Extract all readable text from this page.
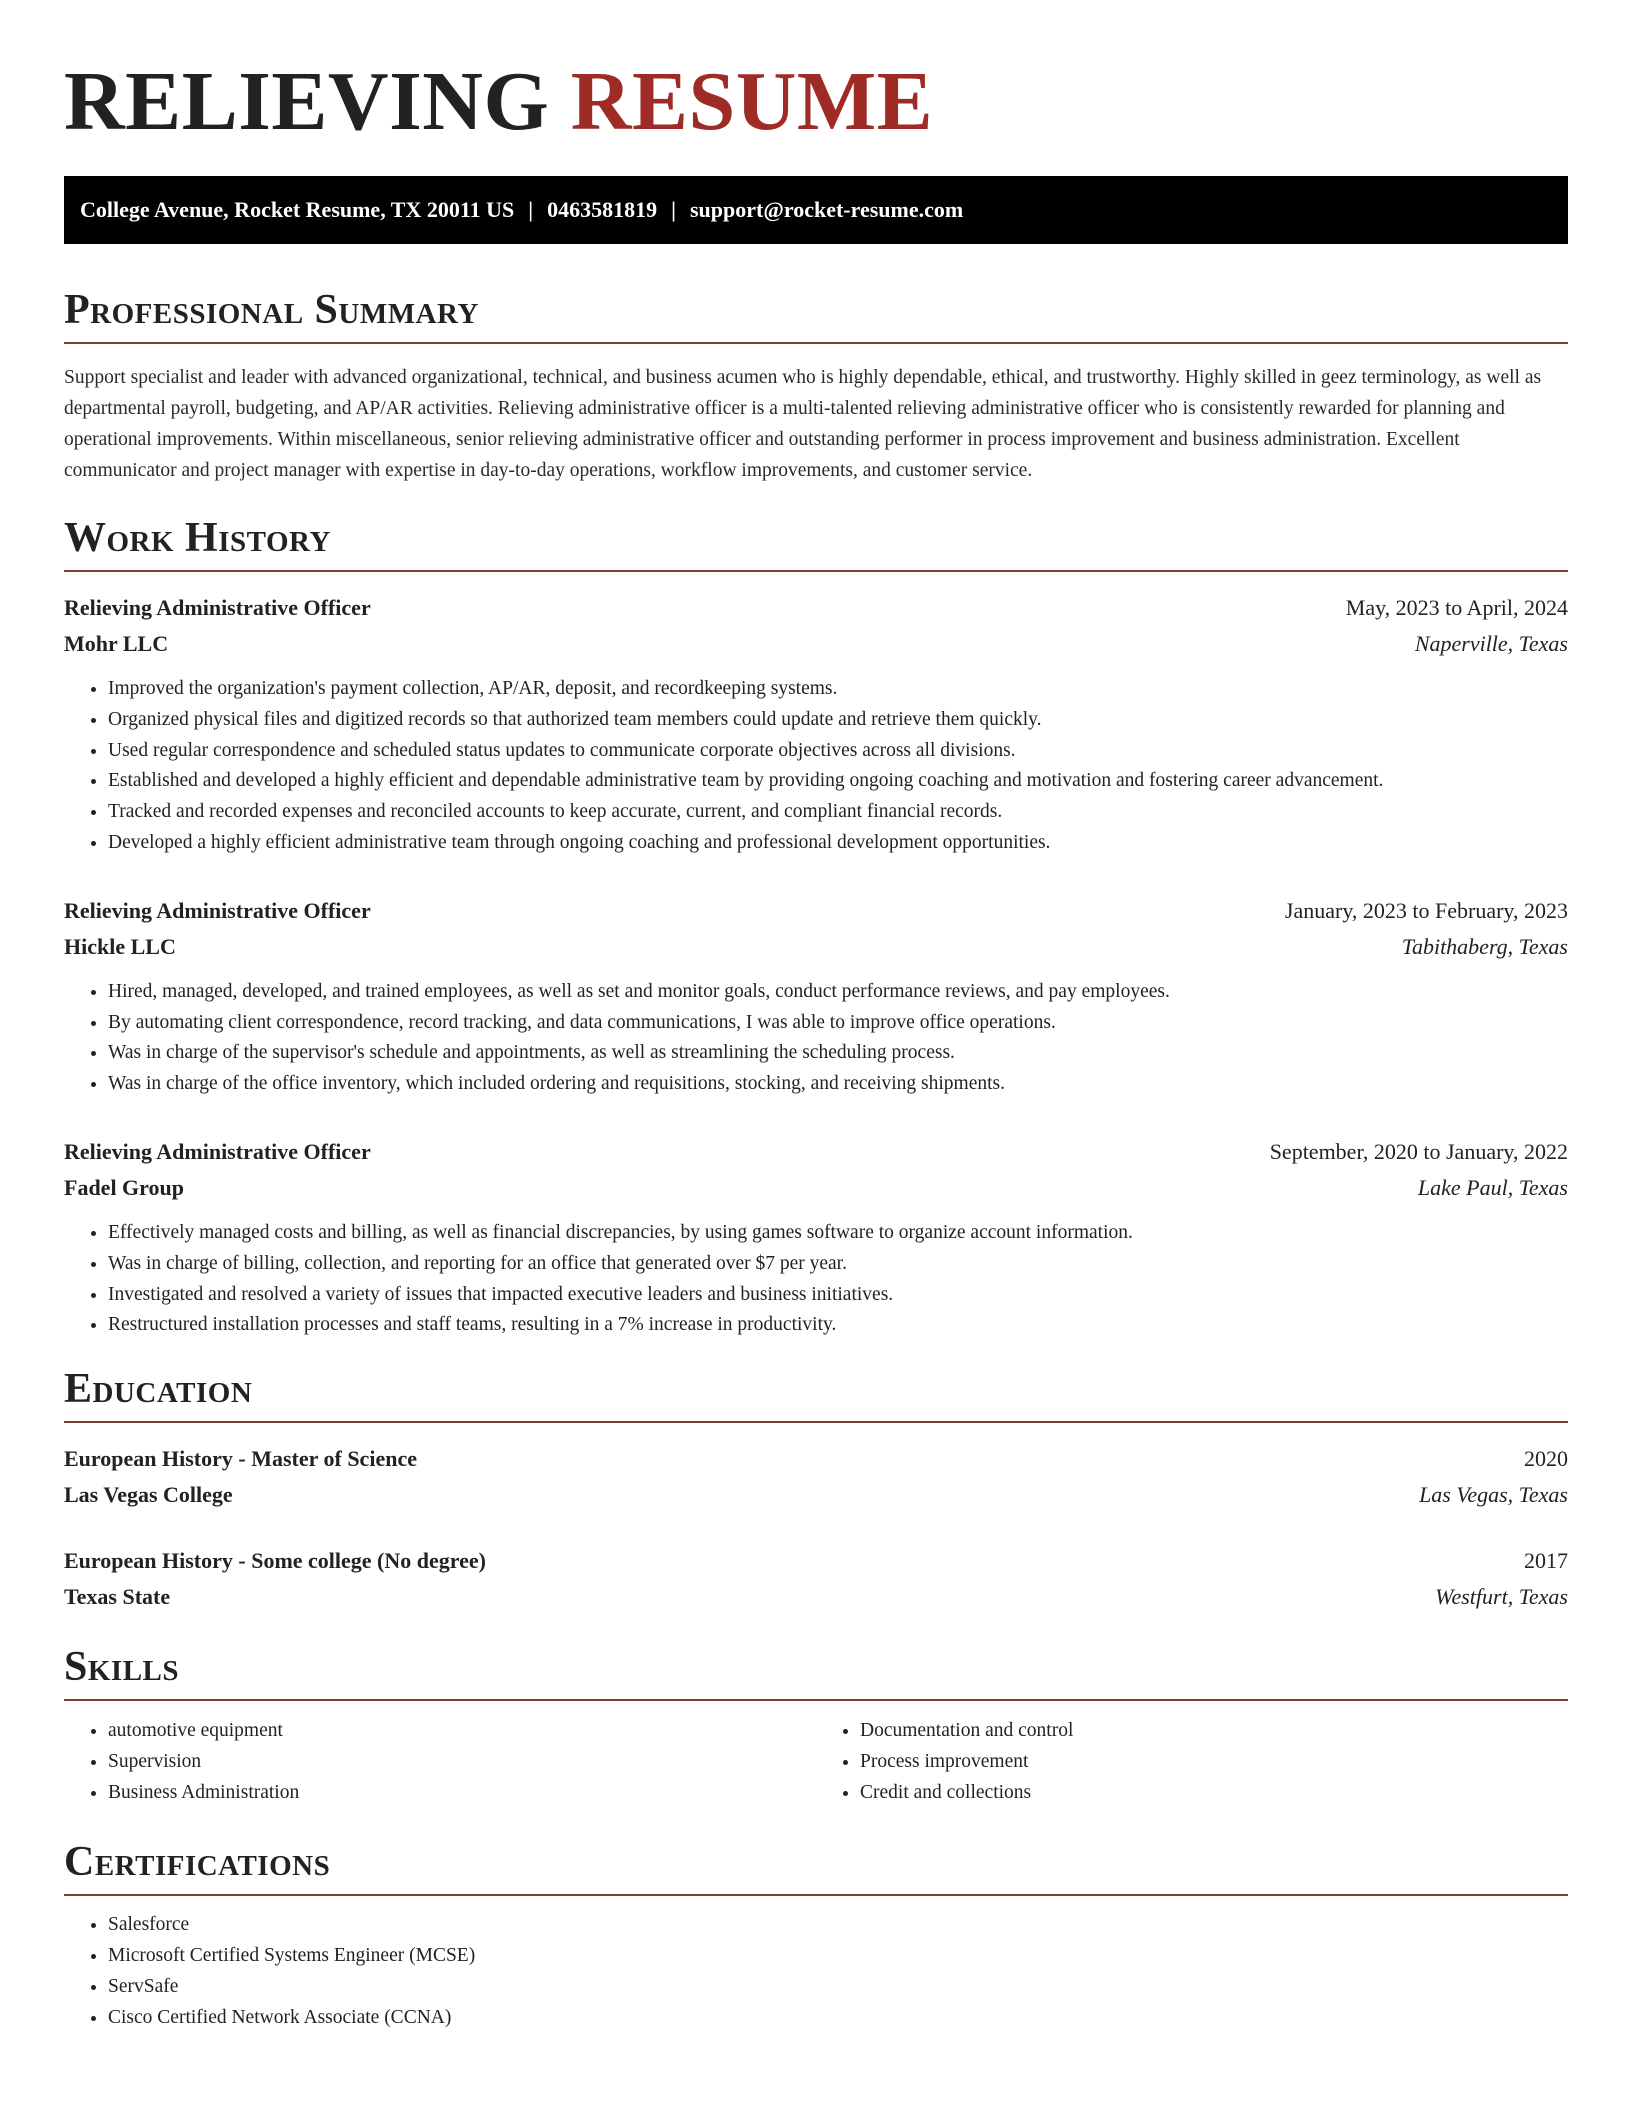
RELIEVING RESUME
College Avenue, Rocket Resume, TX 20011 US | 0463581819 | support@rocket-resume.com
Professional Summary

Support specialist and leader with advanced organizational, technical, and business acumen who is highly dependable, ethical, and trustworthy. Highly skilled in geez terminology, as well as departmental payroll, budgeting, and AP/AR activities. Relieving administrative officer is a multi-talented relieving administrative officer who is consistently rewarded for planning and operational improvements. Within miscellaneous, senior relieving administrative officer and outstanding performer in process improvement and business administration. Excellent communicator and project manager with expertise in day-to-day operations, workflow improvements, and customer service.

Work History
Relieving Administrative Officer	May, 2023 to April, 2024
Mohr LLC	Naperville, Texas
• Improved the organization's payment collection, AP/AR, deposit, and recordkeeping systems.
• Organized physical files and digitized records so that authorized team members could update and retrieve them quickly.
• Used regular correspondence and scheduled status updates to communicate corporate objectives across all divisions.
• Established and developed a highly efficient and dependable administrative team by providing ongoing coaching and motivation and fostering career advancement.
• Tracked and recorded expenses and reconciled accounts to keep accurate, current, and compliant financial records.
• Developed a highly efficient administrative team through ongoing coaching and professional development opportunities.
Relieving Administrative Officer	January, 2023 to February, 2023
Hickle LLC	Tabithaberg, Texas
• Hired, managed, developed, and trained employees, as well as set and monitor goals, conduct performance reviews, and pay employees.
• By automating client correspondence, record tracking, and data communications, I was able to improve office operations.
• Was in charge of the supervisor's schedule and appointments, as well as streamlining the scheduling process.
• Was in charge of the office inventory, which included ordering and requisitions, stocking, and receiving shipments.
Relieving Administrative Officer	September, 2020 to January, 2022
Fadel Group	Lake Paul, Texas
• Effectively managed costs and billing, as well as financial discrepancies, by using games software to organize account information.
• Was in charge of billing, collection, and reporting for an office that generated over $7 per year.
• Investigated and resolved a variety of issues that impacted executive leaders and business initiatives.
• Restructured installation processes and staff teams, resulting in a 7% increase in productivity.
Education
European History - Master of Science	2020
Las Vegas College	Las Vegas, Texas
European History - Some college (No degree)	2017
Texas State	Westfurt, Texas
Skills
• automotive equipment
• Supervision
• Business Administration
• Documentation and control
• Process improvement
• Credit and collections
Certifications
• Salesforce
• Microsoft Certified Systems Engineer (MCSE)
• ServSafe
• Cisco Certified Network Associate (CCNA)
